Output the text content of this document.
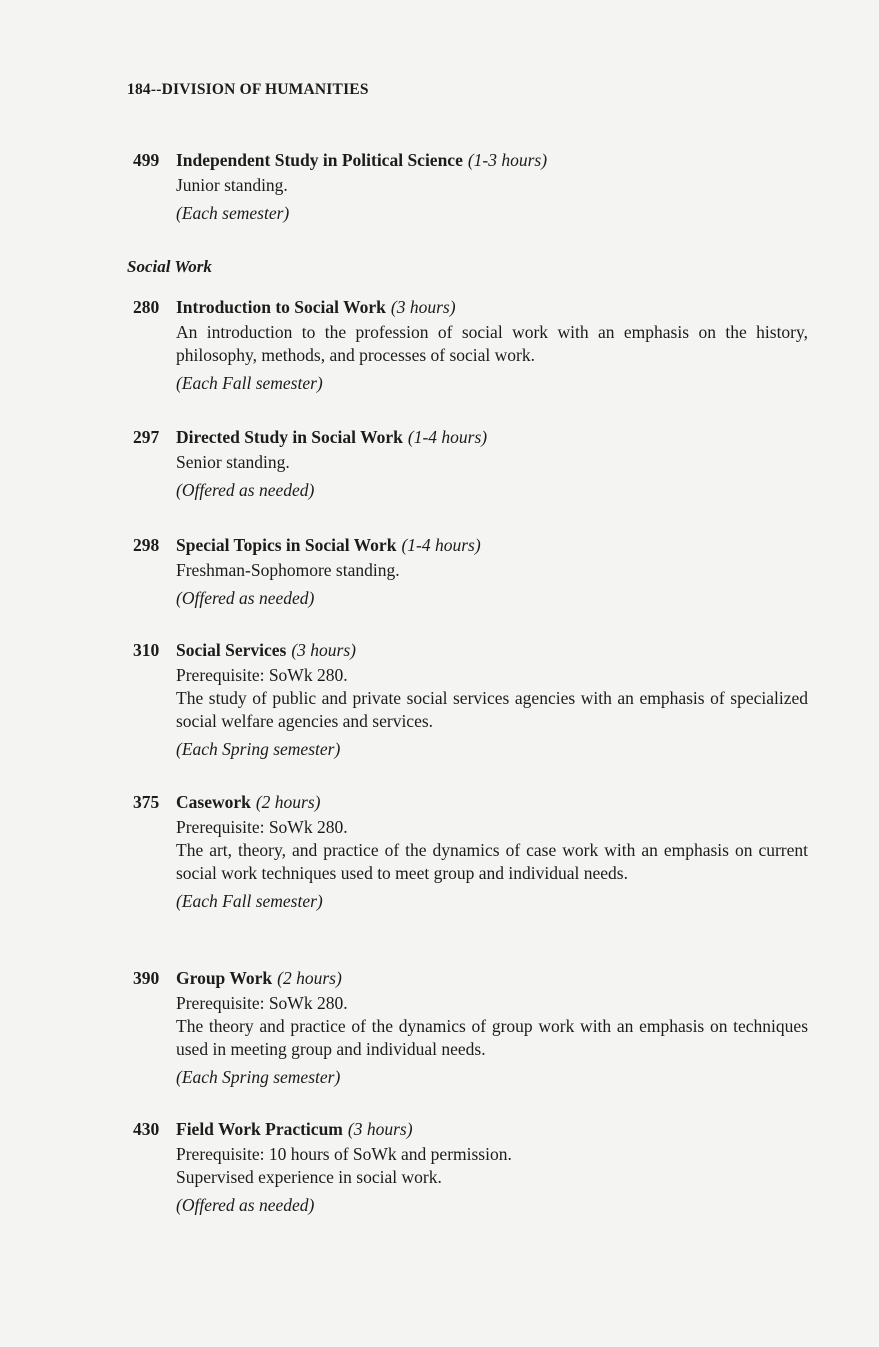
184--DIVISION OF HUMANITIES
499 Independent Study in Political Science (1-3 hours)

Junior standing.

(Each semester)

Social Work
280 Introduction to Social Work (3 hours)

An introduction to the profession of social work with an emphasis on the history, philosophy, methods, and processes of social work.

(Each Fall semester)

297 Directed Study in Social Work (1-4 hours)

Senior standing.

(Offered as needed)

298 Special Topics in Social Work (1-4 hours)

Freshman-Sophomore standing.

(Offered as needed)

310 Social Services (3 hours)

Prerequisite: SoWk 280.

The study of public and private social services agencies with an emphasis of specialized social welfare agencies and services.

(Each Spring semester)

375 Casework (2 hours)

Prerequisite: SoWk 280.

The art, theory, and practice of the dynamics of case work with an emphasis on current social work techniques used to meet group and individual needs.

(Each Fall semester)

390 Group Work (2 hours)

Prerequisite: SoWk 280.

The theory and practice of the dynamics of group work with an emphasis on techniques used in meeting group and individual needs.

(Each Spring semester)

430 Field Work Practicum (3 hours)

Prerequisite: 10 hours of SoWk and permission.

Supervised experience in social work.

(Offered as needed)
